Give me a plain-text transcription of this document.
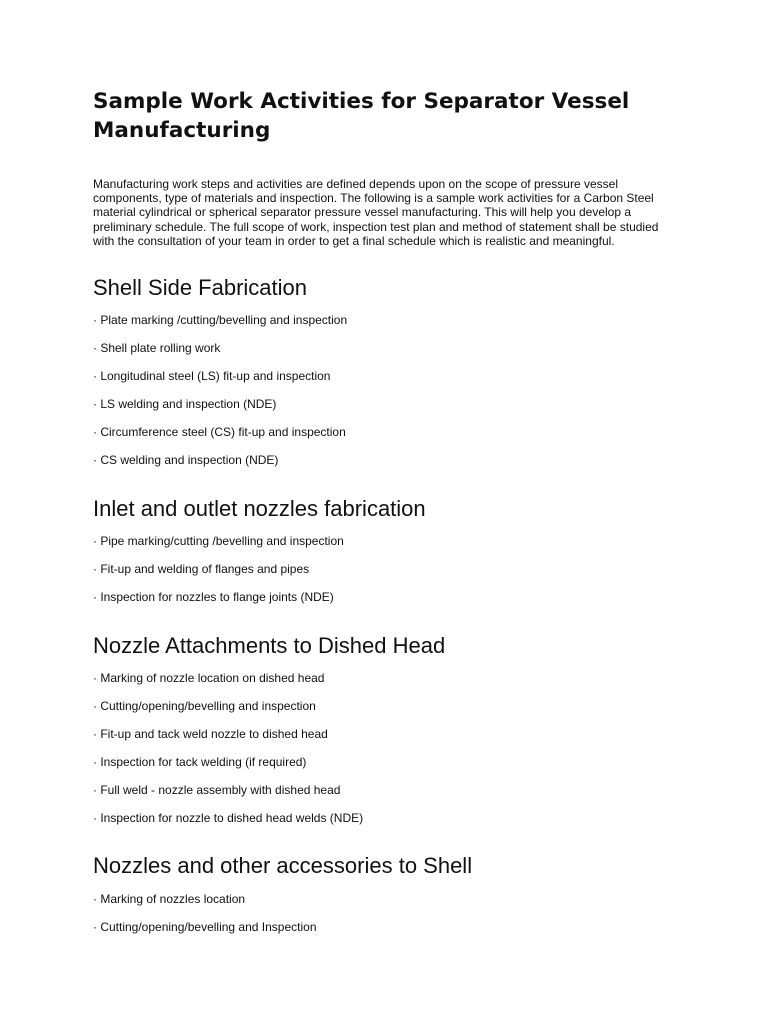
Sample Work Activities for Separator Vessel Manufacturing

Manufacturing work steps and activities are defined depends upon on the scope of pressure vessel components, type of materials and inspection. The following is a sample work activities for a Carbon Steel material cylindrical or spherical separator pressure vessel manufacturing. This will help you develop a preliminary schedule. The full scope of work, inspection test plan and method of statement shall be studied with the consultation of your team in order to get a final schedule which is realistic and meaningful.

Shell Side Fabrication

· Plate marking /cutting/bevelling and inspection

· Shell plate rolling work

· Longitudinal steel (LS) fit-up and inspection

· LS welding and inspection (NDE)

· Circumference steel (CS) fit-up and inspection

· CS welding and inspection (NDE)

Inlet and outlet nozzles fabrication

· Pipe marking/cutting /bevelling and inspection

· Fit-up and welding of flanges and pipes

· Inspection for nozzles to flange joints (NDE)

Nozzle Attachments to Dished Head

· Marking of nozzle location on dished head

· Cutting/opening/bevelling and inspection

· Fit-up and tack weld nozzle to dished head

· Inspection for tack welding (if required)

· Full weld - nozzle assembly with dished head

· Inspection for nozzle to dished head welds (NDE)

Nozzles and other accessories to Shell

· Marking of nozzles location

· Cutting/opening/bevelling and Inspection
